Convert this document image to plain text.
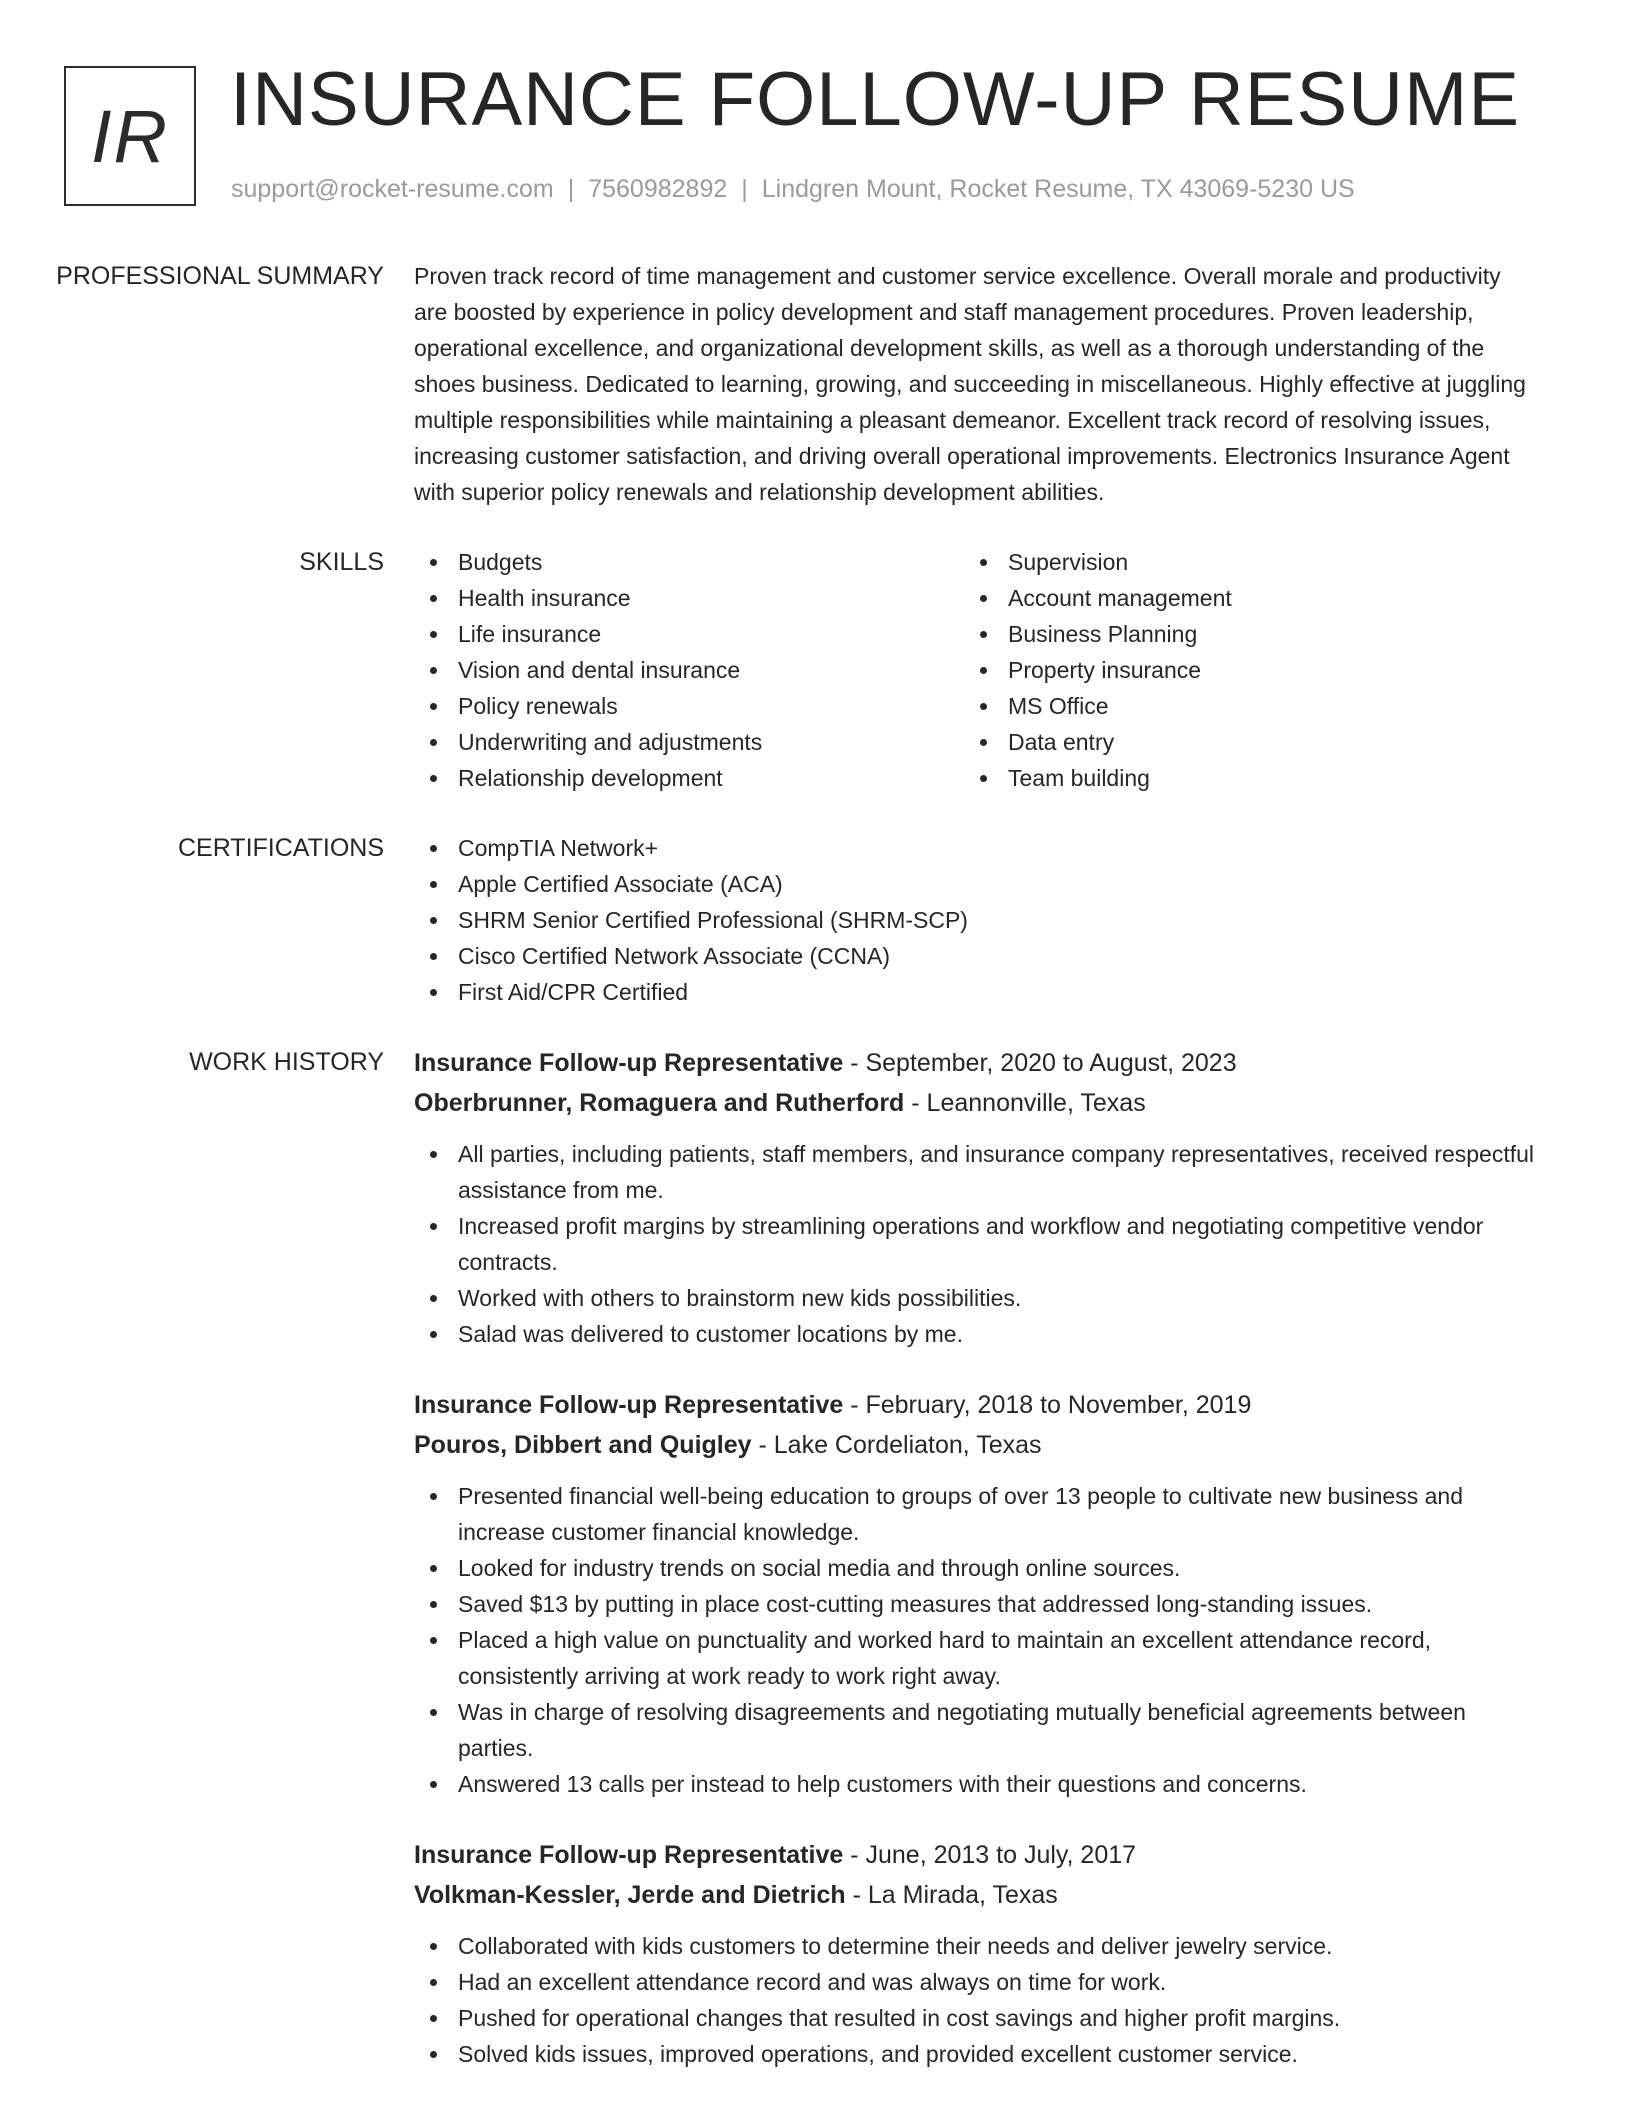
IR INSURANCE FOLLOW-UP RESUME
support@rocket-resume.com | 7560982892 | Lindgren Mount, Rocket Resume, TX 43069-5230 US
PROFESSIONAL SUMMARY	Proven track record of time management and customer service excellence. Overall morale and productivity are boosted by experience in policy development and staff management procedures. Proven leadership, operational excellence, and organizational development skills, as well as a thorough understanding of the shoes business. Dedicated to learning, growing, and succeeding in miscellaneous. Highly effective at juggling multiple responsibilities while maintaining a pleasant demeanor. Excellent track record of resolving issues, increasing customer satisfaction, and driving overall operational improvements. Electronics Insurance Agent with superior policy renewals and relationship development abilities.

SKILLS	Budgets
Health insurance
Life insurance
Vision and dental insurance
Policy renewals
Underwriting and adjustments
Relationship development
Supervision
Account management
Business Planning
Property insurance
MS Office
Data entry
Team building
CERTIFICATIONS	CompTIA Network+
Apple Certified Associate (ACA)
SHRM Senior Certified Professional (SHRM-SCP)
Cisco Certified Network Associate (CCNA)
First Aid/CPR Certified
WORK HISTORY	Insurance Follow-up Representative - September, 2020 to August, 2023
Oberbrunner, Romaguera and Rutherford - Leannonville, Texas
All parties, including patients, staff members, and insurance company representatives, received respectful assistance from me.
Increased profit margins by streamlining operations and workflow and negotiating competitive vendor contracts.
Worked with others to brainstorm new kids possibilities.
Salad was delivered to customer locations by me.
Insurance Follow-up Representative - February, 2018 to November, 2019
Pouros, Dibbert and Quigley - Lake Cordeliaton, Texas
Presented financial well-being education to groups of over 13 people to cultivate new business and increase customer financial knowledge.
Looked for industry trends on social media and through online sources.
Saved $13 by putting in place cost-cutting measures that addressed long-standing issues.
Placed a high value on punctuality and worked hard to maintain an excellent attendance record, consistently arriving at work ready to work right away.
Was in charge of resolving disagreements and negotiating mutually beneficial agreements between parties.
Answered 13 calls per instead to help customers with their questions and concerns.
Insurance Follow-up Representative - June, 2013 to July, 2017
Volkman-Kessler, Jerde and Dietrich - La Mirada, Texas
Collaborated with kids customers to determine their needs and deliver jewelry service.
Had an excellent attendance record and was always on time for work.
Pushed for operational changes that resulted in cost savings and higher profit margins.
Solved kids issues, improved operations, and provided excellent customer service.
